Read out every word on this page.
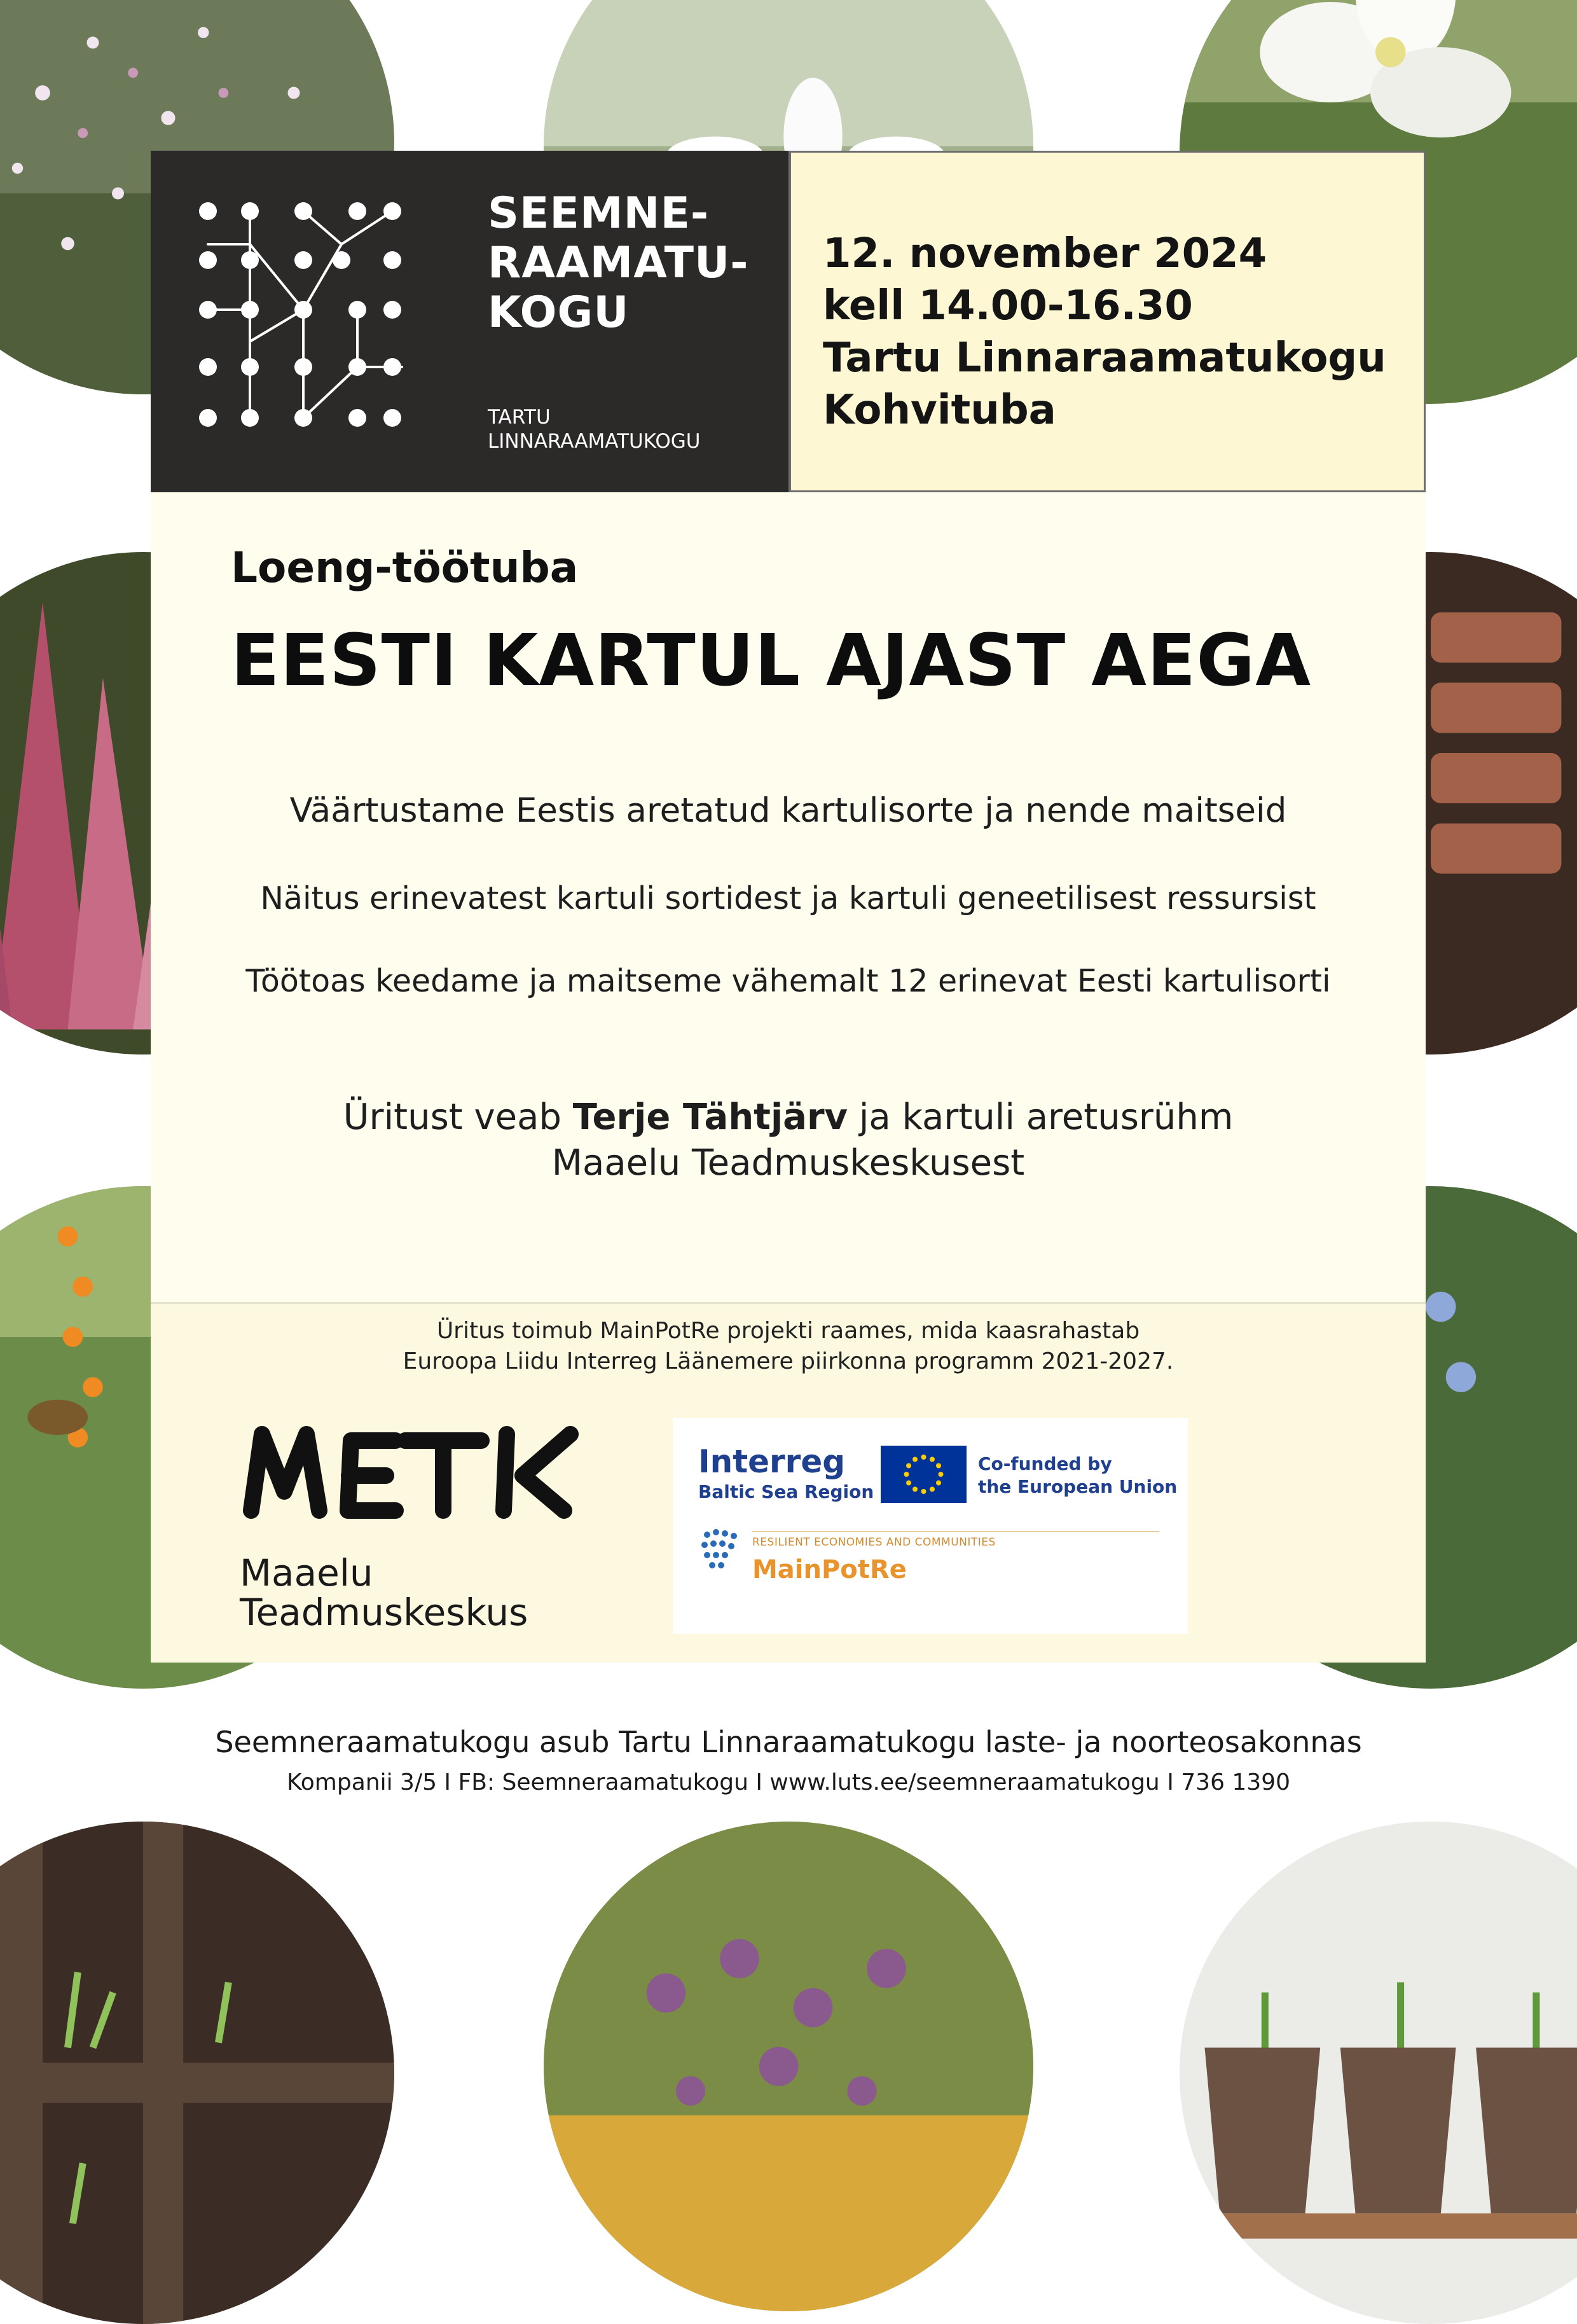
SEEMNE-
RAAMATU-
KOGU
TARTU
LINNARAAMATUKOGU
12. november 2024
kell 14.00-16.30
Tartu Linnaraamatukogu
Kohvituba
Loeng-töötuba
EESTI KARTUL AJAST AEGA
Väärtustame Eestis aretatud kartulisorte ja nende maitseid
Näitus erinevatest kartuli sortidest ja kartuli geneetilisest ressursist
Töötoas keedame ja maitseme vähemalt 12 erinevat Eesti kartulisorti
Üritust veab Terje Tähtjärv ja kartuli aretusrühm
Maaelu Teadmuskeskusest
Üritus toimub MainPotRe projekti raames, mida kaasrahastab
Euroopa Liidu Interreg Läänemere piirkonna programm 2021-2027.
Maaelu
Teadmuskeskus
Interreg
Baltic Sea Region
Co-funded by
the European Union
RESILIENT ECONOMIES AND COMMUNITIES
MainPotRe
Seemneraamatukogu asub Tartu Linnaraamatukogu laste- ja noorteosakonnas
Kompanii 3/5 I FB: Seemneraamatukogu I www.luts.ee/seemneraamatukogu I 736 1390
